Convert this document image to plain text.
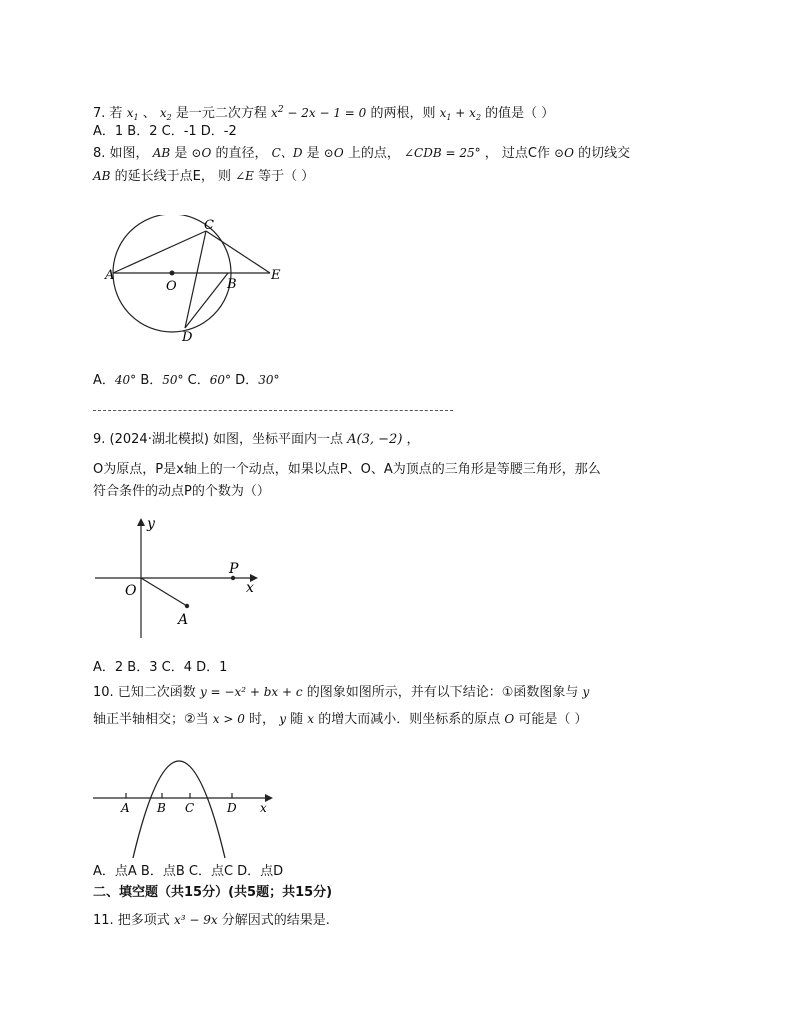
7. 若 $x_1$ 、 $x_2$ 是一元二次方程 $x^2 - 2x - 1 = 0$ 的两根，则 $x_1 + x_2$ 的值是（ ）
A．1 B．2 C．-1 D．-2
8. 如图， AB 是 ⊙O 的直径， C、D 是 ⊙O 上的点， ∠CDB = 25° ， 过点C作 ⊙O 的切线交
AB 的延长线于点E， 则 ∠E 等于（ ）
A
O	B
C
D
E
A．40° B．50° C．60° D．30°
9. (2024·湖北模拟) 如图，坐标平面内一点 A(3, −2) ，
O为原点，P是x轴上的一个动点，如果以点P、O、A为顶点的三角形是等腰三角形，那么
符合条件的动点P的个数为（）
y
x
O
P
A
A．2 B．3 C．4 D．1
10. 已知二次函数 y = −x² + bx + c 的图象如图所示，并有以下结论：①函数图象与 y
轴正半轴相交；②当 x > 0 时， y 随 x 的增大而减小．则坐标系的原点 O 可能是（ ）
A B C	D x
A．点A B．点B C．点C D．点D
二、填空题（共15分）(共5题；共15分)
11. 把多项式 x³ − 9x 分解因式的结果是.
